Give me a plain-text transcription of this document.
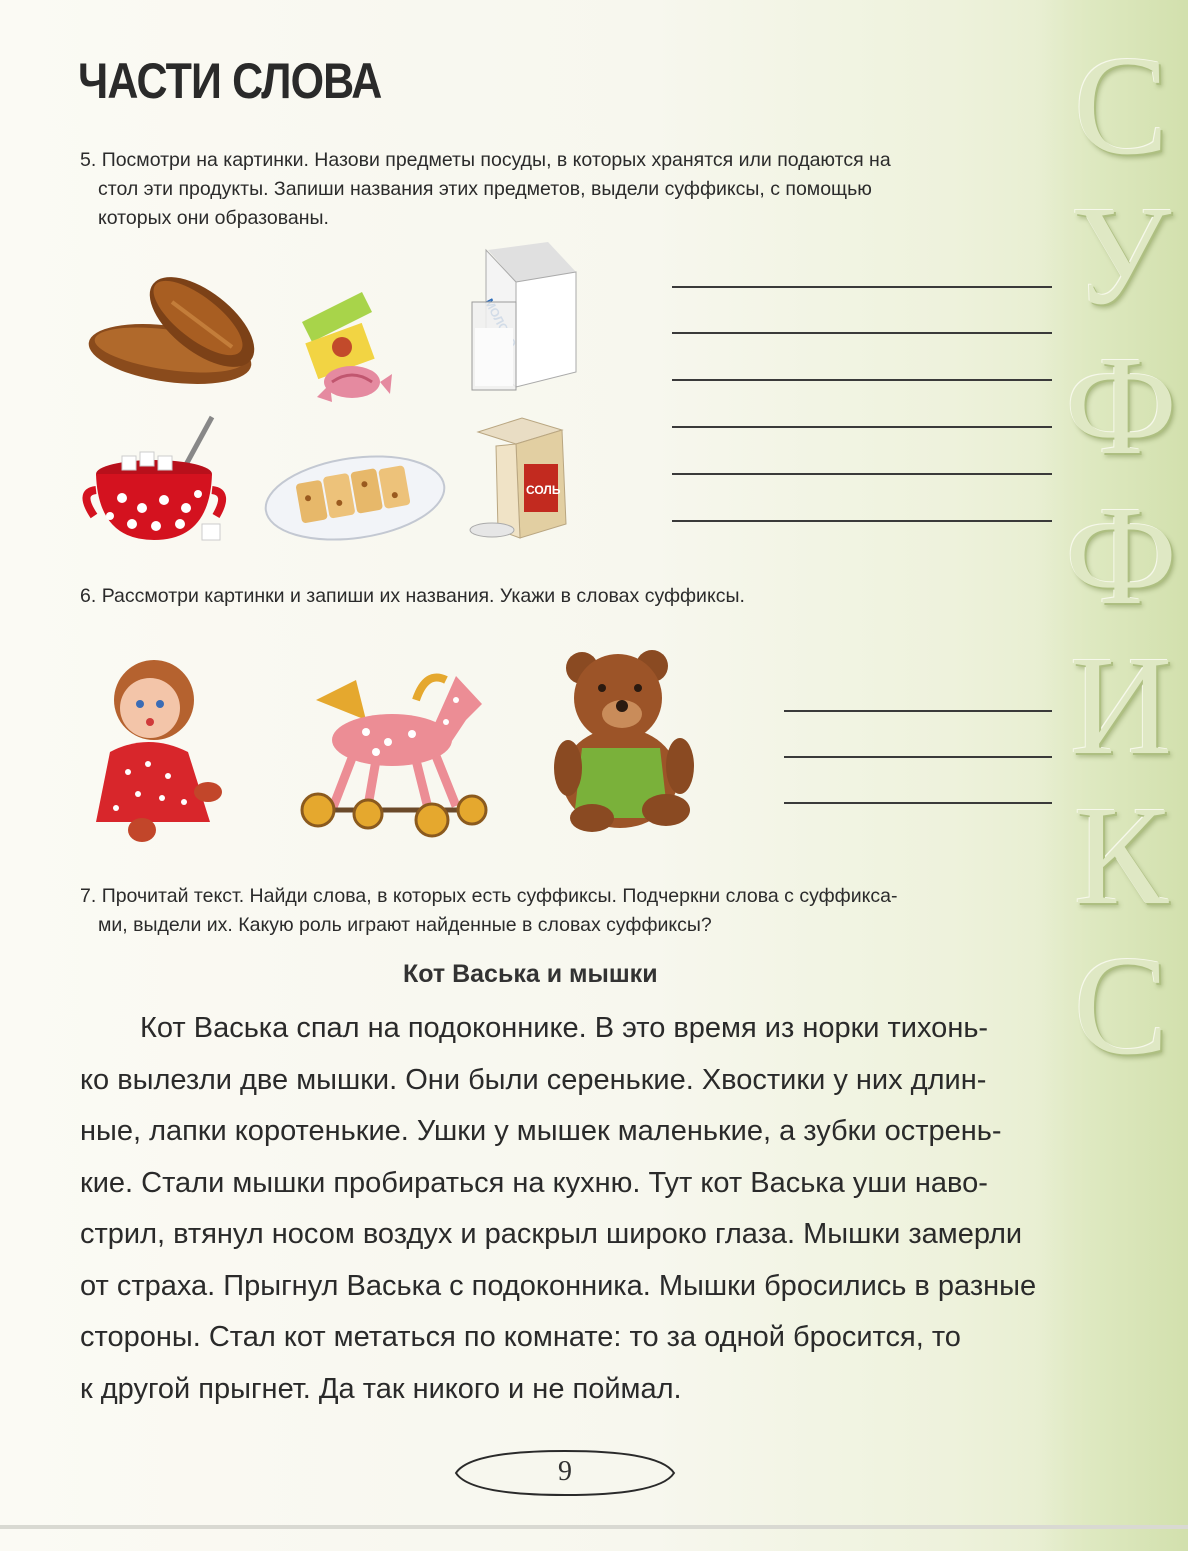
С
У
Ф
Ф
И
К
С
ЧАСТИ СЛОВА
5. Посмотри на картинки. Назови предметы посуды, в которых хранятся или подаются на
стол эти продукты. Запиши названия этих предметов, выдели суффиксы, с помощью
которых они образованы.
СОЛЬ
6. Рассмотри картинки и запиши их названия. Укажи в словах суффиксы.
7. Прочитай текст. Найди слова, в которых есть суффиксы. Подчеркни слова с суффикса-
ми, выдели их. Какую роль играют найденные в словах суффиксы?
Кот Васька и мышки

Кот Васька спал на подоконнике. В это время из норки тихонь-
ко вылезли две мышки. Они были серенькие. Хвостики у них длин-
ные, лапки коротенькие. Ушки у мышек маленькие, а зубки острень-
кие. Стали мышки пробираться на кухню. Тут кот Васька уши наво-
стрил, втянул носом воздух и раскрыл широко глаза. Мышки замерли
от страха. Прыгнул Васька с подоконника. Мышки бросились в разные
стороны. Стал кот метаться по комнате: то за одной бросится, то
к другой прыгнет. Да так никого и не поймал.

9
